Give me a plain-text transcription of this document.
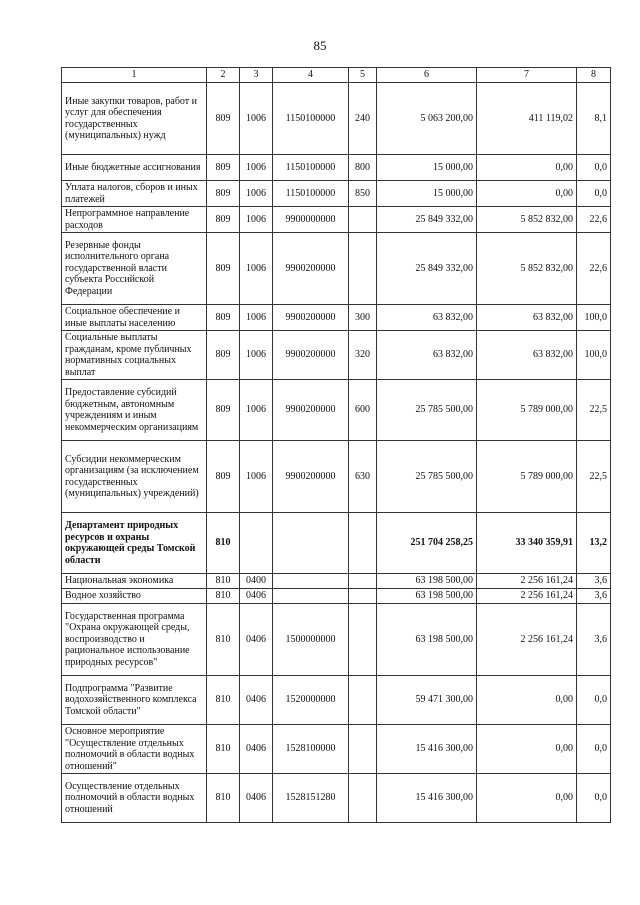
85
1	2	3	4	5	6	7	8
Иные закупки товаров, работ и услуг для обеспечения государственных (муниципальных) нужд	809	1006	1150100000	240	5 063 200,00	411 119,02	8,1
Иные бюджетные ассигнования	809	1006	1150100000	800	15 000,00	0,00	0,0
Уплата налогов, сборов и иных платежей	809	1006	1150100000	850	15 000,00	0,00	0,0
Непрограммное направление расходов	809	1006	9900000000		25 849 332,00	5 852 832,00	22,6
Резервные фонды исполнительного органа государственной власти субъекта Российской Федерации	809	1006	9900200000		25 849 332,00	5 852 832,00	22,6
Социальное обеспечение и иные выплаты населению	809	1006	9900200000	300	63 832,00	63 832,00	100,0
Социальные выплаты гражданам, кроме публичных нормативных социальных выплат	809	1006	9900200000	320	63 832,00	63 832,00	100,0
Предоставление субсидий бюджетным, автономным учреждениям и иным некоммерческим организациям	809	1006	9900200000	600	25 785 500,00	5 789 000,00	22,5
Субсидии некоммерческим организациям (за исключением государственных (муниципальных) учреждений)	809	1006	9900200000	630	25 785 500,00	5 789 000,00	22,5
Департамент природных ресурсов и охраны окружающей среды Томской области	810				251 704 258,25	33 340 359,91	13,2
Национальная экономика	810	0400			63 198 500,00	2 256 161,24	3,6
Водное хозяйство	810	0406			63 198 500,00	2 256 161,24	3,6
Государственная программа "Охрана окружающей среды, воспроизводство и рациональное использование природных ресурсов"	810	0406	1500000000		63 198 500,00	2 256 161,24	3,6
Подпрограмма "Развитие водохозяйственного комплекса Томской области"	810	0406	1520000000		59 471 300,00	0,00	0,0
Основное мероприятие "Осуществление отдельных полномочий в области водных отношений"	810	0406	1528100000		15 416 300,00	0,00	0,0
Осуществление отдельных полномочий в области водных отношений	810	0406	1528151280		15 416 300,00	0,00	0,0
